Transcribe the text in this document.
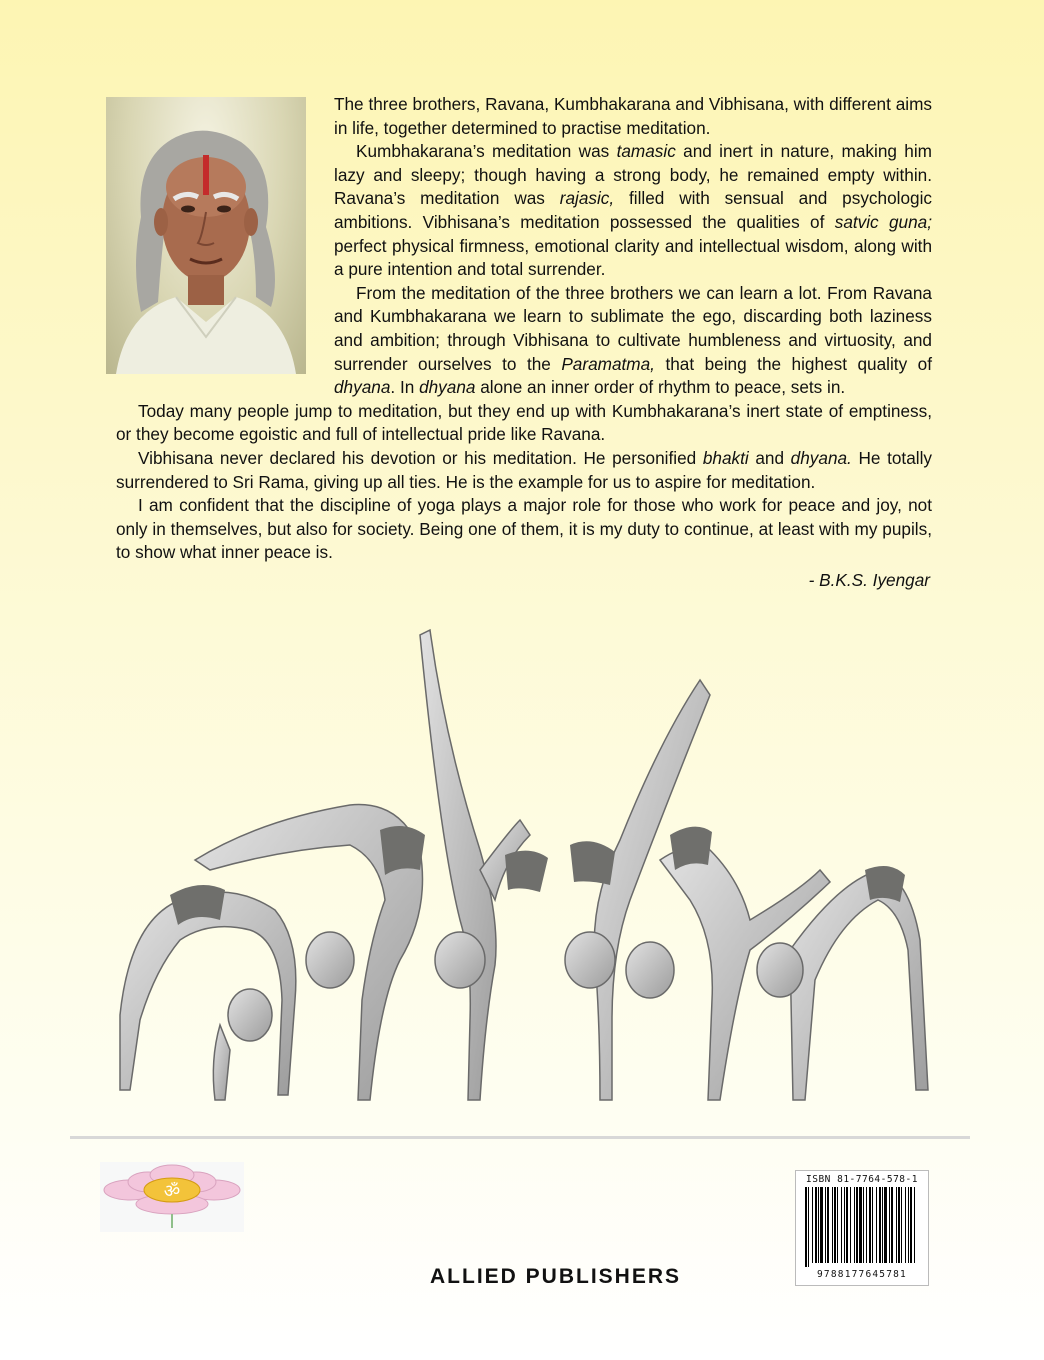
The three brothers, Ravana, Kumbhakarana and Vibhisana, with different aims in life, together determined to practise meditation.

Kumbhakarana’s meditation was tamasic and inert in nature, making him lazy and sleepy; though having a strong body, he remained empty within. Ravana’s meditation was rajasic, filled with sensual and psychologic ambitions. Vibhisana’s meditation possessed the qualities of satvic guna; perfect physical firmness, emotional clarity and intellectual wisdom, along with a pure intention and total surrender.

From the meditation of the three brothers we can learn a lot. From Ravana and Kumbhakarana we learn to sublimate the ego, discarding both laziness and ambition; through Vibhisana to cultivate humbleness and virtuosity, and surrender ourselves to the Paramatma, that being the highest quality of dhyana. In dhyana alone an inner order of rhythm to peace, sets in.

Today many people jump to meditation, but they end up with Kumbhakarana’s inert state of emptiness, or they become egoistic and full of intellectual pride like Ravana.

Vibhisana never declared his devotion or his meditation. He personified bhakti and dhyana. He totally surrendered to Sri Rama, giving up all ties. He is the example for us to aspire for meditation.

I am confident that the discipline of yoga plays a major role for those who work for peace and joy, not only in themselves, but also for society. Being one of them, it is my duty to continue, at least with my pupils, to show what inner peace is.

- B.K.S. Iyengar
ॐ
ALLIED PUBLISHERS
ISBN 81-7764-578-1
9788177645781
